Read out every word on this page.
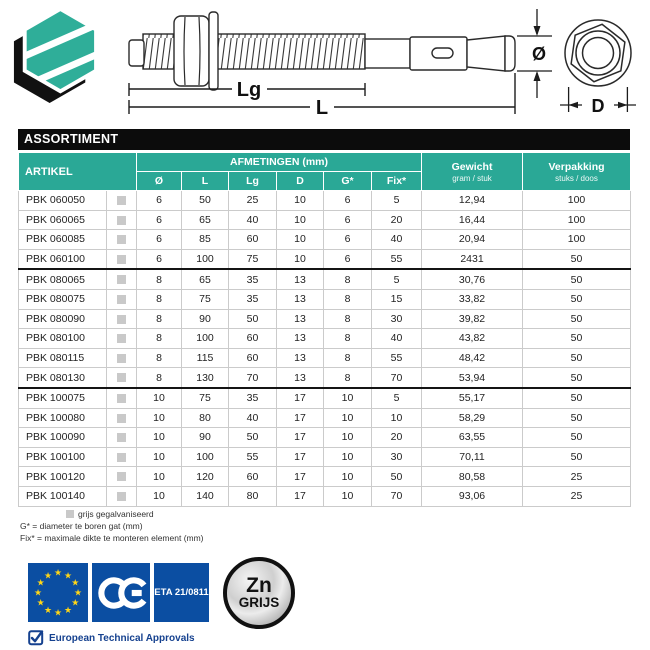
Lg
L
Ø
D
ASSORTIMENT
ARTIKEL		AFMETINGEN (mm)						Gewicht
gram / stuk	Verpakking
stuks / doos

		Ø	L	Lg	D	G*	Fix*		
PBK 060050		6	50	25	10	6	5	12,94	100
PBK 060065		6	65	40	10	6	20	16,44	100
PBK 060085		6	85	60	10	6	40	20,94	100
PBK 060100		6	100	75	10	6	55	2431	50
PBK 080065		8	65	35	13	8	5	30,76	50
PBK 080075		8	75	35	13	8	15	33,82	50
PBK 080090		8	90	50	13	8	30	39,82	50
PBK 080100		8	100	60	13	8	40	43,82	50
PBK 080115		8	115	60	13	8	55	48,42	50
PBK 080130		8	130	70	13	8	70	53,94	50
PBK 100075		10	75	35	17	10	5	55,17	50
PBK 100080		10	80	40	17	10	10	58,29	50
PBK 100090		10	90	50	17	10	20	63,55	50
PBK 100100		10	100	55	17	10	30	70,11	50
PBK 100120		10	120	60	17	10	50	80,58	25
PBK 100140		10	140	80	17	10	70	93,06	25
grijs gegalvaniseerd
G* = diameter te boren gat (mm)
Fix* = maximale dikte te monteren element (mm)
★ ★
★
★
★
★
★
★
★
★
★
★
ETA 21/0811 Zn
GRIJS
European Technical Approvals
